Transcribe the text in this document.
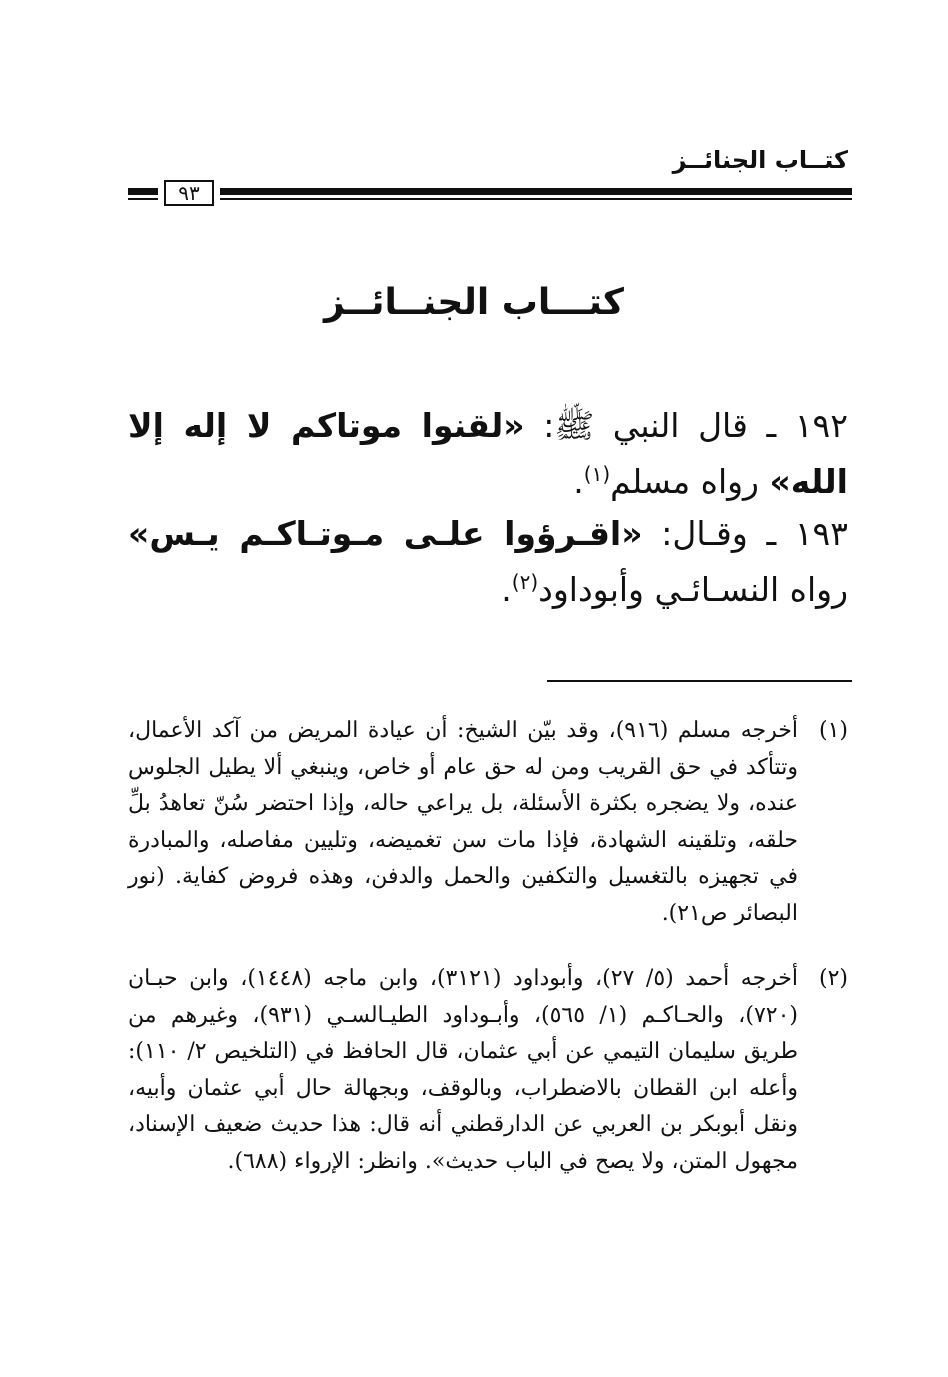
كتــاب الجنائــز
٩٣
كتـــاب الجنــائــز
١٩٢ ـ قال النبي ﷺ: «لقنوا موتاكم لا إله إلا الله» رواه مسلم$^{(١)}$.
١٩٣ ـ وقـال: «اقـرؤوا علـى مـوتـاكـم يـس» رواه النسـائـي وأبوداود$^{(٢)}$.
(١)
أخرجه مسلم (٩١٦)، وقد بيّن الشيخ: أن عيادة المريض من آكد الأعمال، وتتأكد في حق القريب ومن له حق عام أو خاص، وينبغي ألا يطيل الجلوس عنده، ولا يضجره بكثرة الأسئلة، بل يراعي حاله، وإذا احتضر سُنّ تعاهدُ بلِّ حلقه، وتلقينه الشهادة، فإذا مات سن تغميضه، وتليين مفاصله، والمبادرة في تجهيزه بالتغسيل والتكفين والحمل والدفن، وهذه فروض كفاية. (نور البصائر ص٢١).
(٢)
أخرجه أحمد (٥/ ٢٧)، وأبوداود (٣١٢١)، وابن ماجه (١٤٤٨)، وابن حبـان (٧٢٠)، والحـاكـم (١/ ٥٦٥)، وأبـوداود الطيـالسـي (٩٣١)، وغيرهم من طريق سليمان التيمي عن أبي عثمان، قال الحافظ في (التلخيص ٢/ ١١٠): وأعله ابن القطان بالاضطراب، وبالوقف، وبجهالة حال أبي عثمان وأبيه، ونقل أبوبكر بن العربي عن الدارقطني أنه قال: هذا حديث ضعيف الإسناد، مجهول المتن، ولا يصح في الباب حديث». وانظر: الإرواء (٦٨٨).
